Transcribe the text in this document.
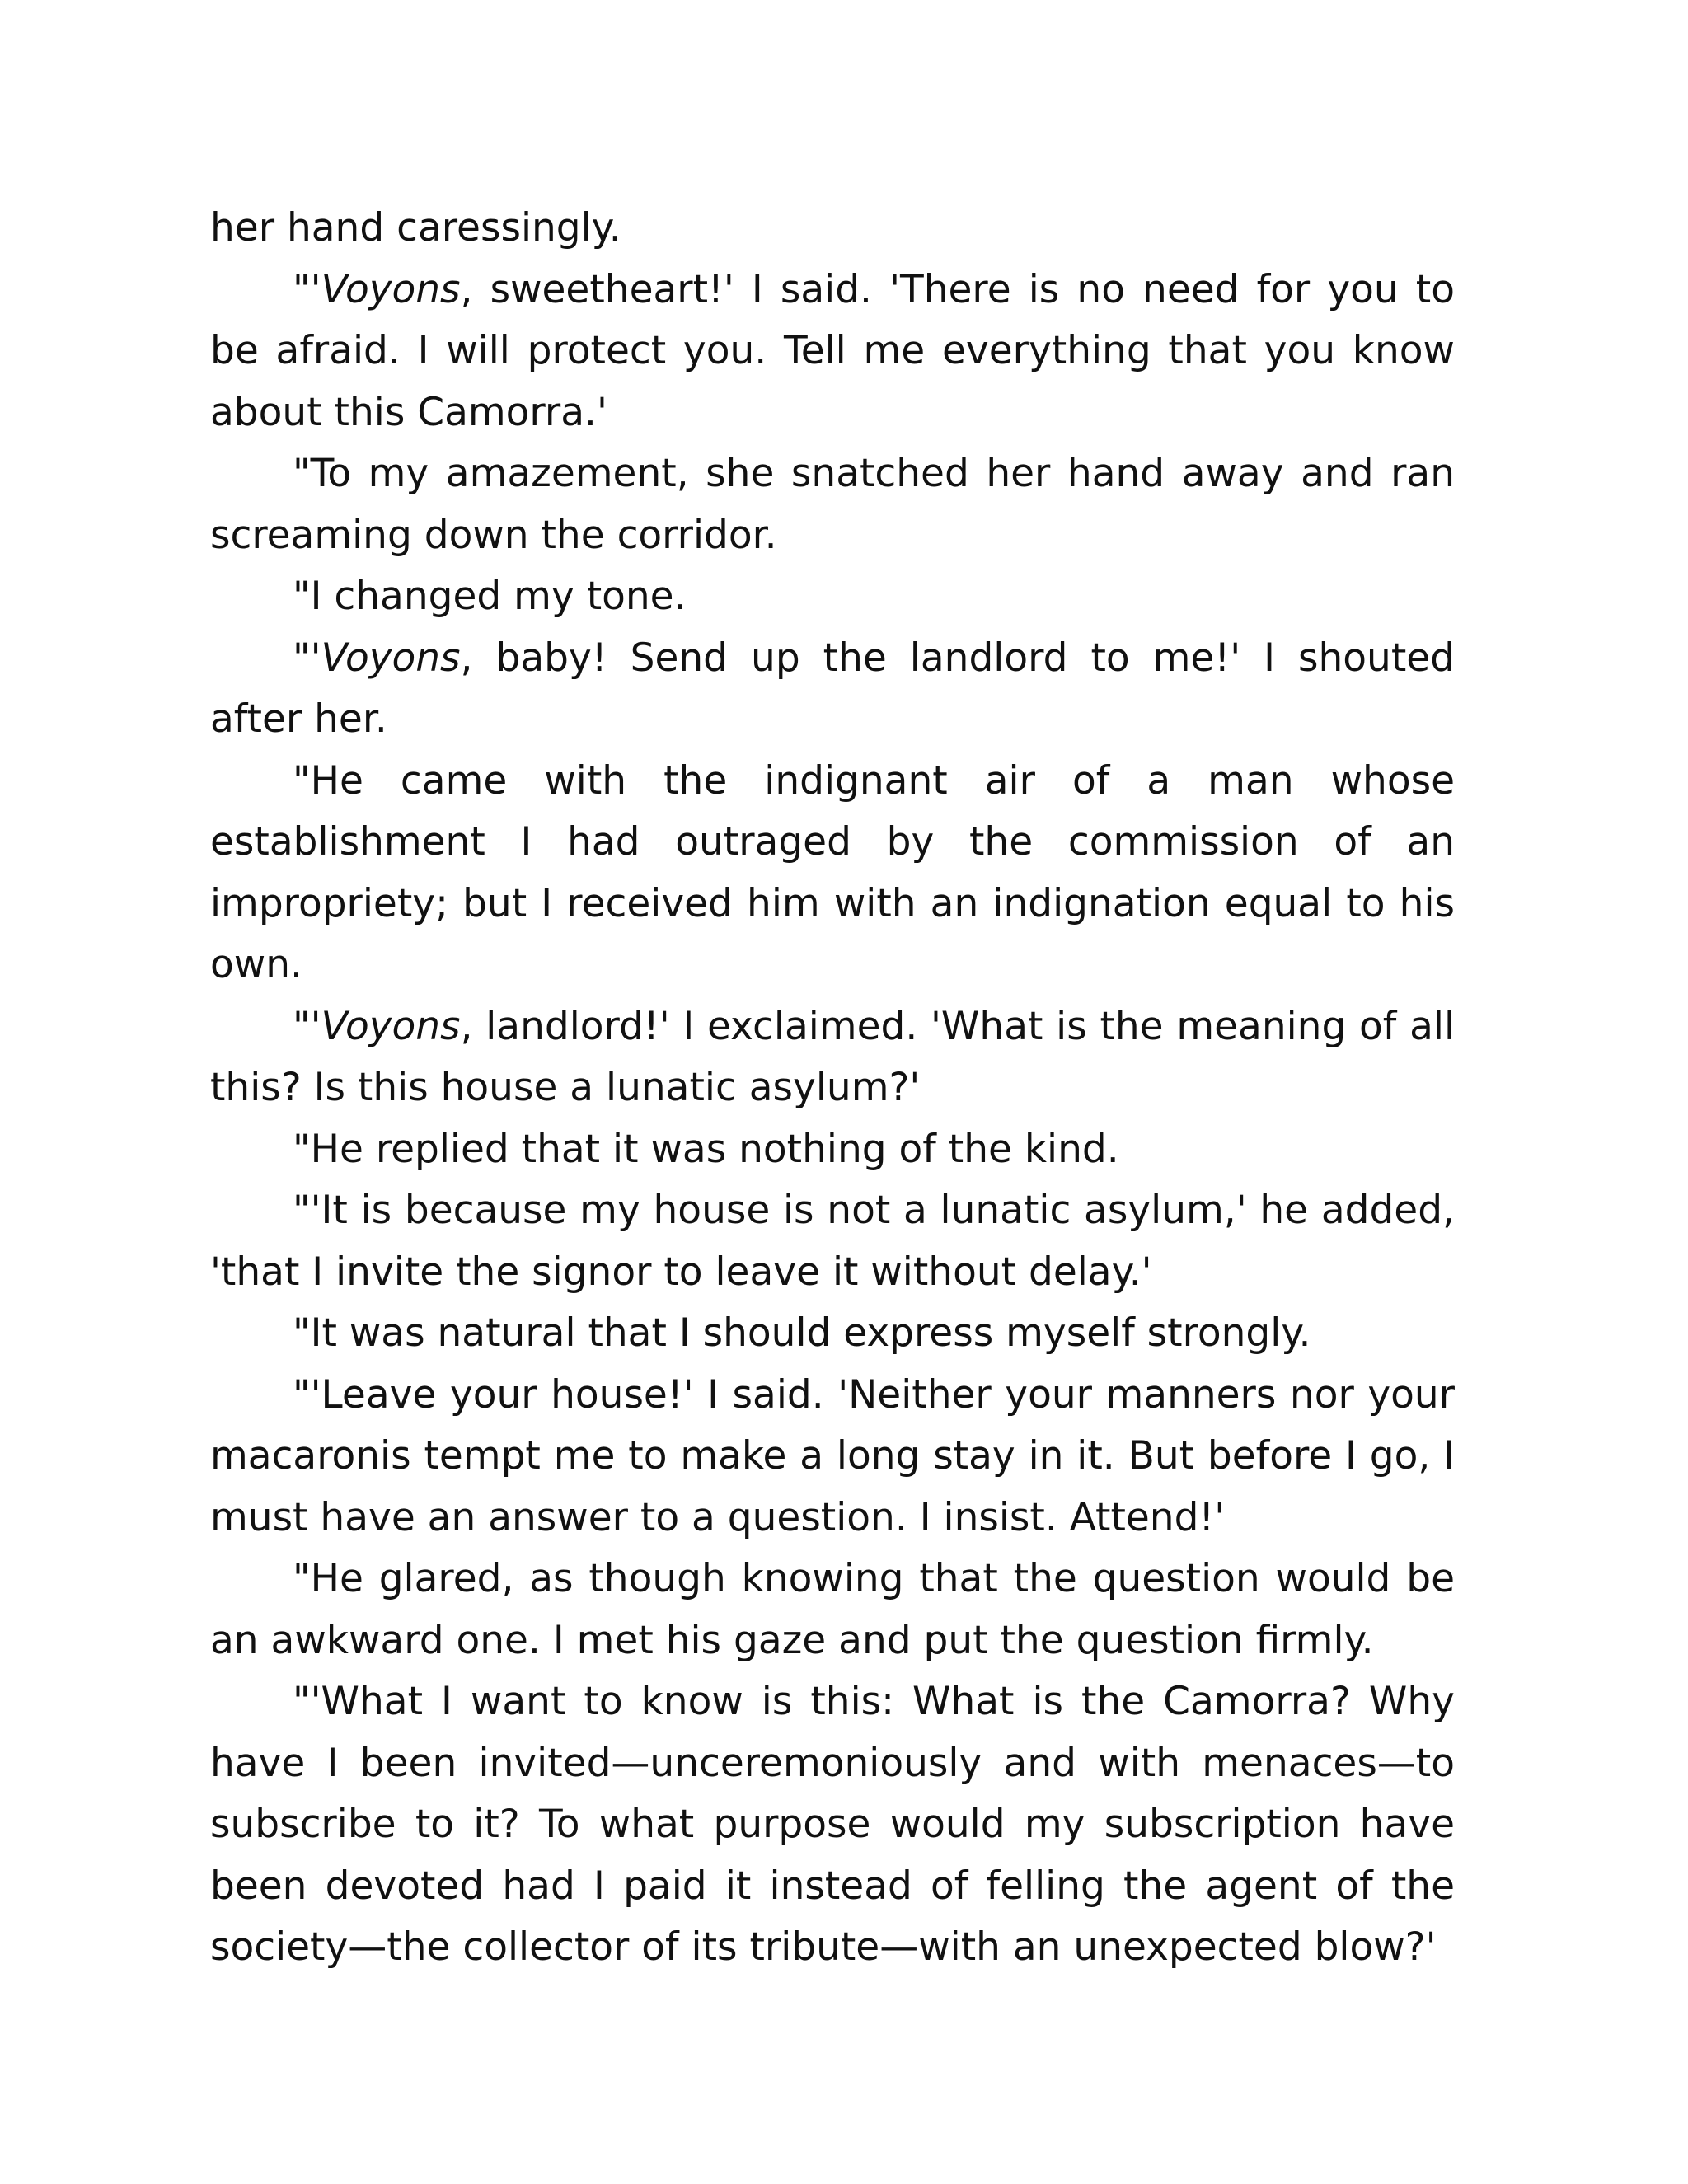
her hand caressingly.

"'Voyons, sweetheart!' I said. 'There is no need for you to be afraid. I will protect you. Tell me everything that you know about this Camorra.'

"To my amazement, she snatched her hand away and ran screaming down the corridor.

"I changed my tone.

"'Voyons, baby! Send up the landlord to me!' I shouted after her.

"He came with the indignant air of a man whose establishment I had outraged by the commission of an impropriety; but I received him with an indignation equal to his own.

"'Voyons, landlord!' I exclaimed. 'What is the meaning of all this? Is this house a lunatic asylum?'

"He replied that it was nothing of the kind.

"'It is because my house is not a lunatic asylum,' he added, 'that I invite the signor to leave it without delay.'

"It was natural that I should express myself strongly.

"'Leave your house!' I said. 'Neither your manners nor your macaronis tempt me to make a long stay in it. But before I go, I must have an answer to a question. I insist. Attend!'

"He glared, as though knowing that the question would be an awkward one. I met his gaze and put the question firmly.

"'What I want to know is this: What is the Camorra? Why have I been invited—unceremoniously and with menaces—to subscribe to it? To what purpose would my subscription have been devoted had I paid it instead of felling the agent of the society—the collector of its tribute—with an unexpected blow?'
